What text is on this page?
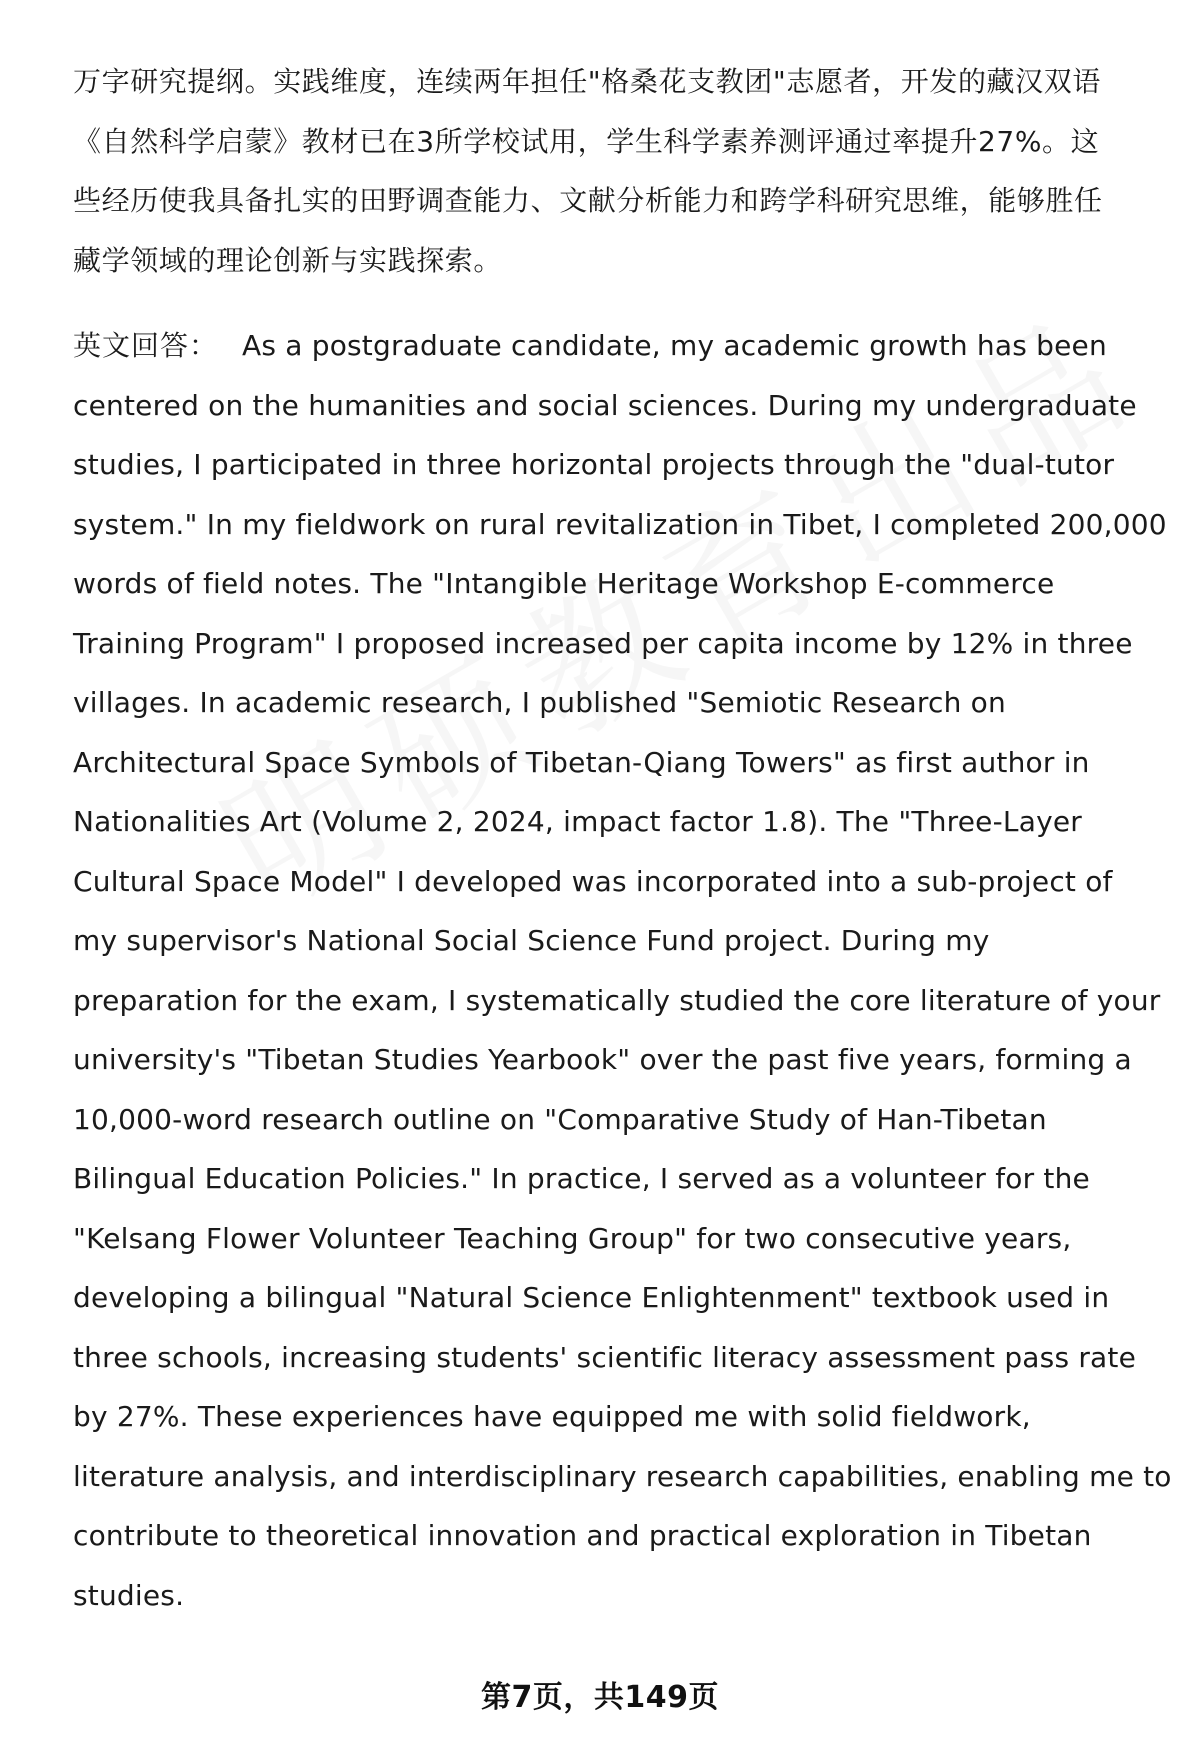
万字研究提纲。实践维度，连续两年担任"格桑花支教团"志愿者，开发的藏汉双语
《自然科学启蒙》教材已在3所学校试用，学生科学素养测评通过率提升27%。这
些经历使我具备扎实的田野调查能力、文献分析能力和跨学科研究思维，能够胜任
藏学领域的理论创新与实践探索。
英文回答： As a postgraduate candidate, my academic growth has been
centered on the humanities and social sciences. During my undergraduate
studies, I participated in three horizontal projects through the "dual-tutor
system." In my fieldwork on rural revitalization in Tibet, I completed 200,000
words of field notes. The "Intangible Heritage Workshop E-commerce
Training Program" I proposed increased per capita income by 12% in three
villages. In academic research, I published "Semiotic Research on
Architectural Space Symbols of Tibetan-Qiang Towers" as first author in
Nationalities Art (Volume 2, 2024, impact factor 1.8). The "Three-Layer
Cultural Space Model" I developed was incorporated into a sub-project of
my supervisor's National Social Science Fund project. During my
preparation for the exam, I systematically studied the core literature of your
university's "Tibetan Studies Yearbook" over the past five years, forming a
10,000-word research outline on "Comparative Study of Han-Tibetan
Bilingual Education Policies." In practice, I served as a volunteer for the
"Kelsang Flower Volunteer Teaching Group" for two consecutive years,
developing a bilingual "Natural Science Enlightenment" textbook used in
three schools, increasing students' scientific literacy assessment pass rate
by 27%. These experiences have equipped me with solid fieldwork,
literature analysis, and interdisciplinary research capabilities, enabling me to
contribute to theoretical innovation and practical exploration in Tibetan
studies.
第7页，共149页
